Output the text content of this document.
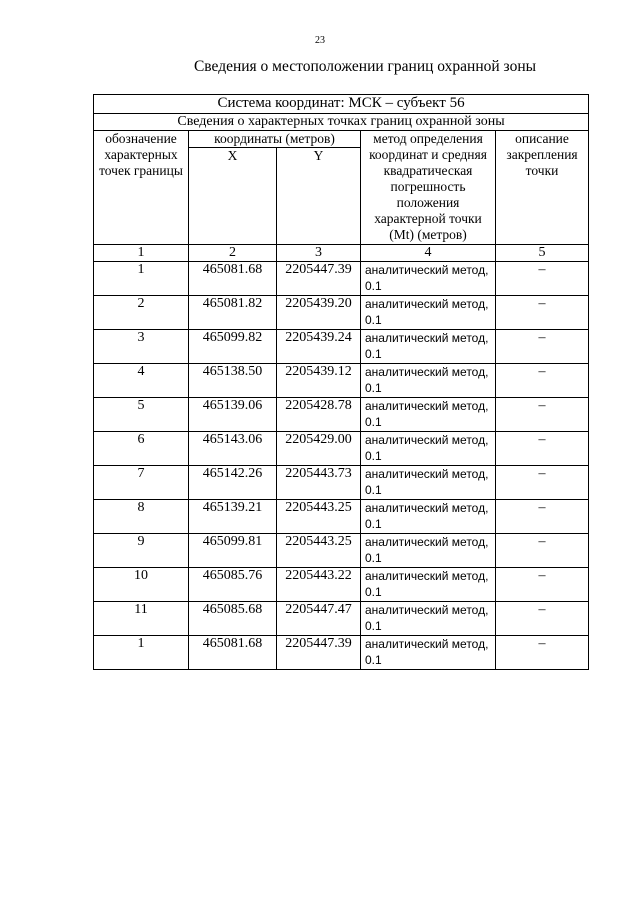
23
Сведения о местоположении границ охранной зоны
Система координат: МСК – субъект 56				
Сведения о характерных точках границ охранной зоны				
обозначение характерных точек границы	координаты (метров)		метод определения координат и средняя квадратическая погрешность положения характерной точки (Mt) (метров)	описание закрепления точки
	X	Y		
1	2	3	4	5
1	465081.68	2205447.39	аналитический метод, 0.1	–
2	465081.82	2205439.20	аналитический метод, 0.1	–
3	465099.82	2205439.24	аналитический метод, 0.1	–
4	465138.50	2205439.12	аналитический метод, 0.1	–
5	465139.06	2205428.78	аналитический метод, 0.1	–
6	465143.06	2205429.00	аналитический метод, 0.1	–
7	465142.26	2205443.73	аналитический метод, 0.1	–
8	465139.21	2205443.25	аналитический метод, 0.1	–
9	465099.81	2205443.25	аналитический метод, 0.1	–
10	465085.76	2205443.22	аналитический метод, 0.1	–
11	465085.68	2205447.47	аналитический метод, 0.1	–
1	465081.68	2205447.39	аналитический метод, 0.1	–
